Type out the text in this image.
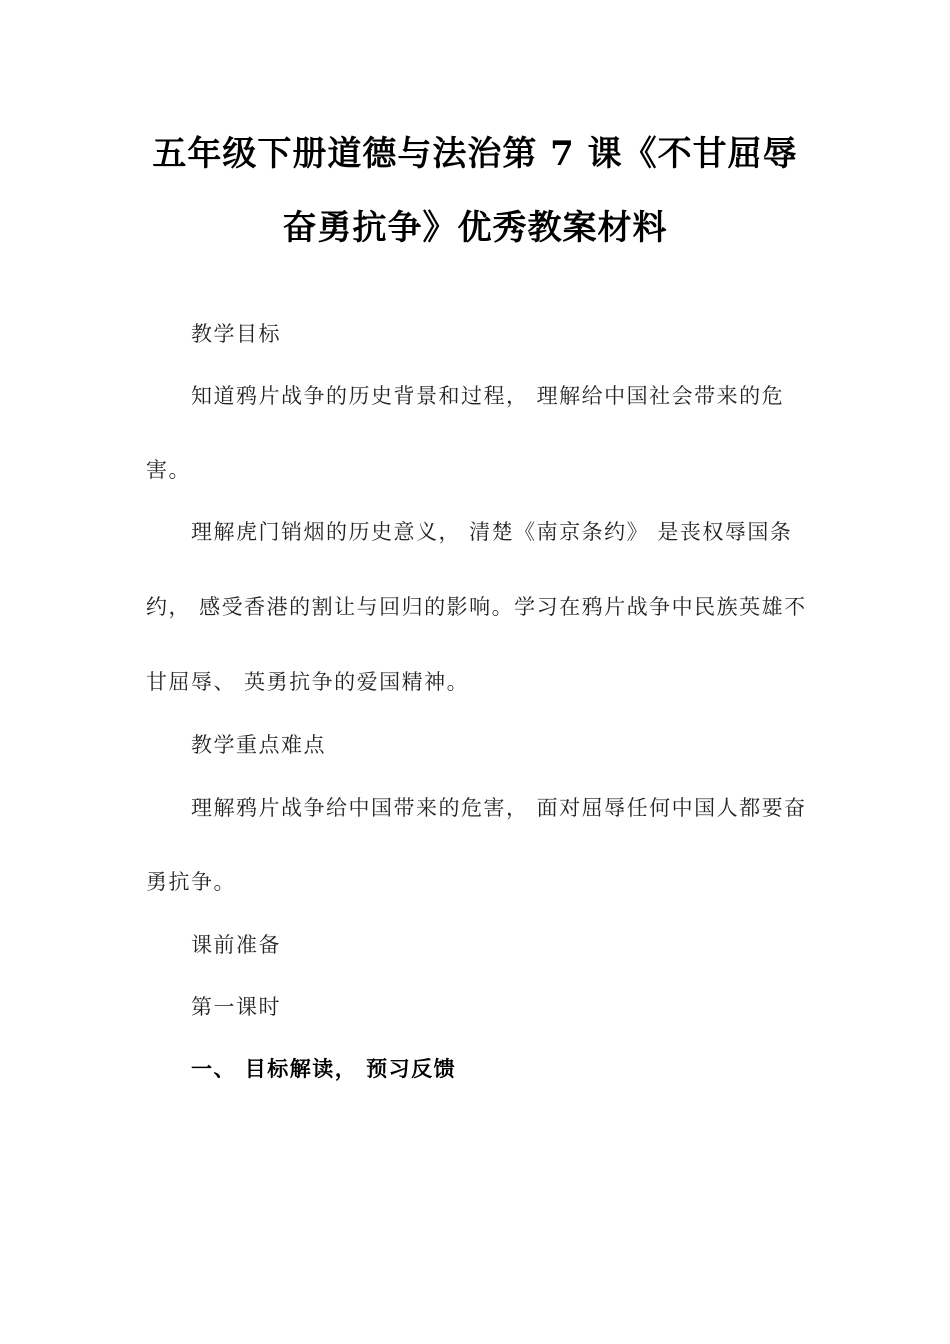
五年级下册道德与法治第 7 课《不甘屈辱
奋勇抗争》优秀教案材料
教学目标
知道鸦片战争的历史背景和过程， 理解给中国社会带来的危
害。
理解虎门销烟的历史意义， 清楚《南京条约》 是丧权辱国条
约， 感受香港的割让与回归的影响。学习在鸦片战争中民族英雄不
甘屈辱、 英勇抗争的爱国精神。
教学重点难点
理解鸦片战争给中国带来的危害， 面对屈辱任何中国人都要奋
勇抗争。
课前准备
第一课时
一、 目标解读， 预习反馈
